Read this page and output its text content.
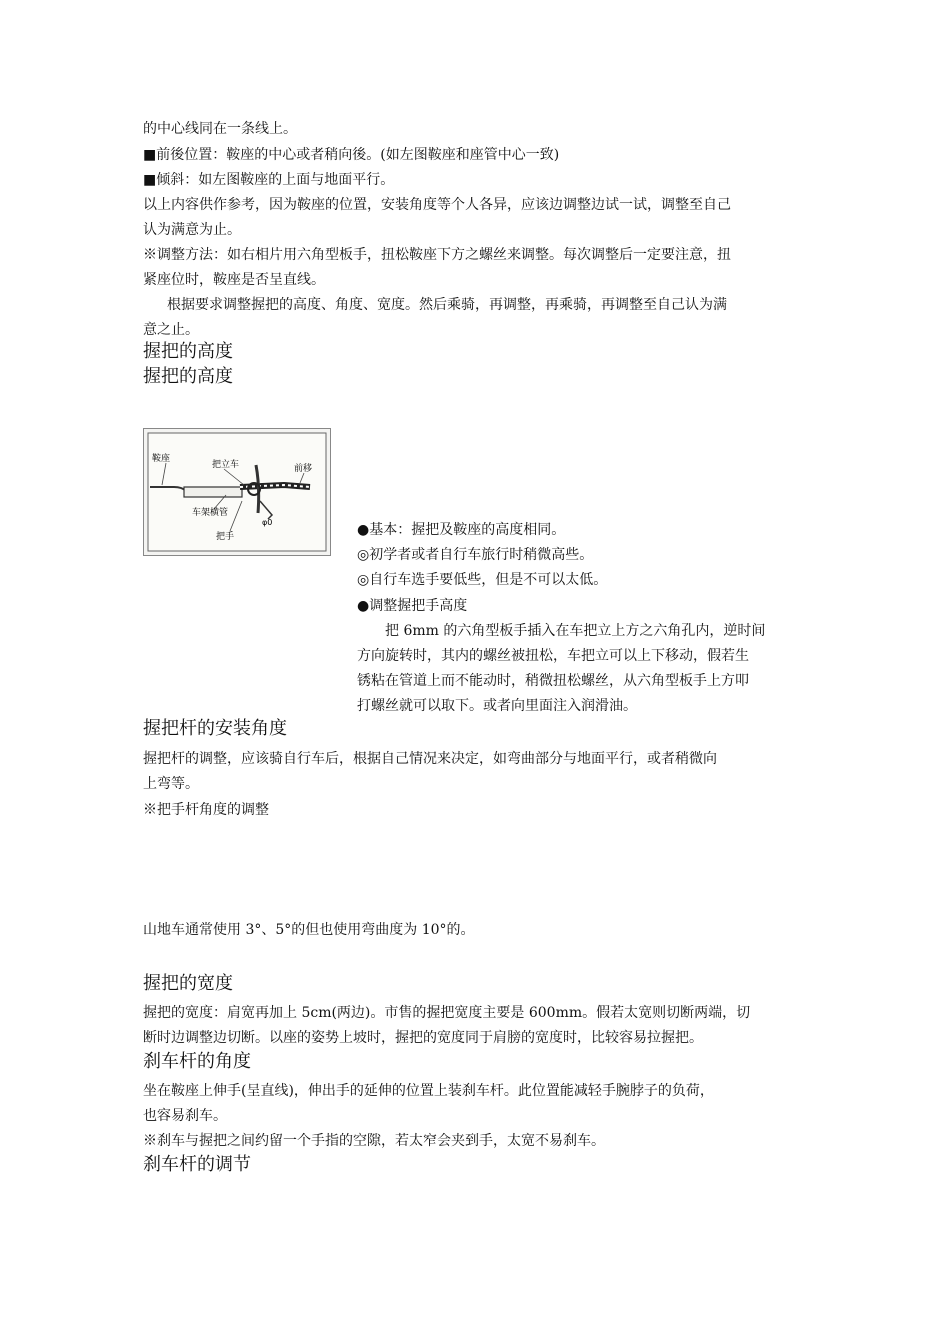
的中心线同在一条线上。
■前後位置：鞍座的中心或者稍向後。(如左图鞍座和座管中心一致)
■倾斜：如左图鞍座的上面与地面平行。
以上内容供作参考，因为鞍座的位置，安装角度等个人各异，应该边调整边试一试，调整至自己
认为满意为止。
※调整方法：如右相片用六角型板手，扭松鞍座下方之螺丝来调整。每次调整后一定要注意，扭
紧座位时，鞍座是否呈直线。
根据要求调整握把的高度、角度、宽度。然后乘骑，再调整，再乘骑，再调整至自己认为满
意之止。
握把的高度
握把的高度
鞍座
把立车	前移
车架横管
把手
φ0	●基本：握把及鞍座的高度相同。
◎初学者或者自行车旅行时稍微高些。
◎自行车选手要低些，但是不可以太低。
●调整握把手高度
把 6mm 的六角型板手插入在车把立上方之六角孔内，逆时间
方向旋转时，其内的螺丝被扭松，车把立可以上下移动，假若生
锈粘在管道上而不能动时，稍微扭松螺丝，从六角型板手上方叩
打螺丝就可以取下。或者向里面注入润滑油。
握把杆的安装角度
握把杆的调整，应该骑自行车后，根据自己情况来决定，如弯曲部分与地面平行，或者稍微向
上弯等。
※把手杆角度的调整
山地车通常使用 3°、5°的但也使用弯曲度为 10°的。
握把的宽度
握把的宽度：肩宽再加上 5cm(两边)。市售的握把宽度主要是 600mm。假若太宽则切断两端，切
断时边调整边切断。以座的姿势上坡时，握把的宽度同于肩膀的宽度时，比较容易拉握把。
刹车杆的角度
坐在鞍座上伸手(呈直线)，伸出手的延伸的位置上装刹车杆。此位置能减轻手腕脖子的负荷，
也容易刹车。
※刹车与握把之间约留一个手指的空隙，若太窄会夹到手，太宽不易刹车。
刹车杆的调节
